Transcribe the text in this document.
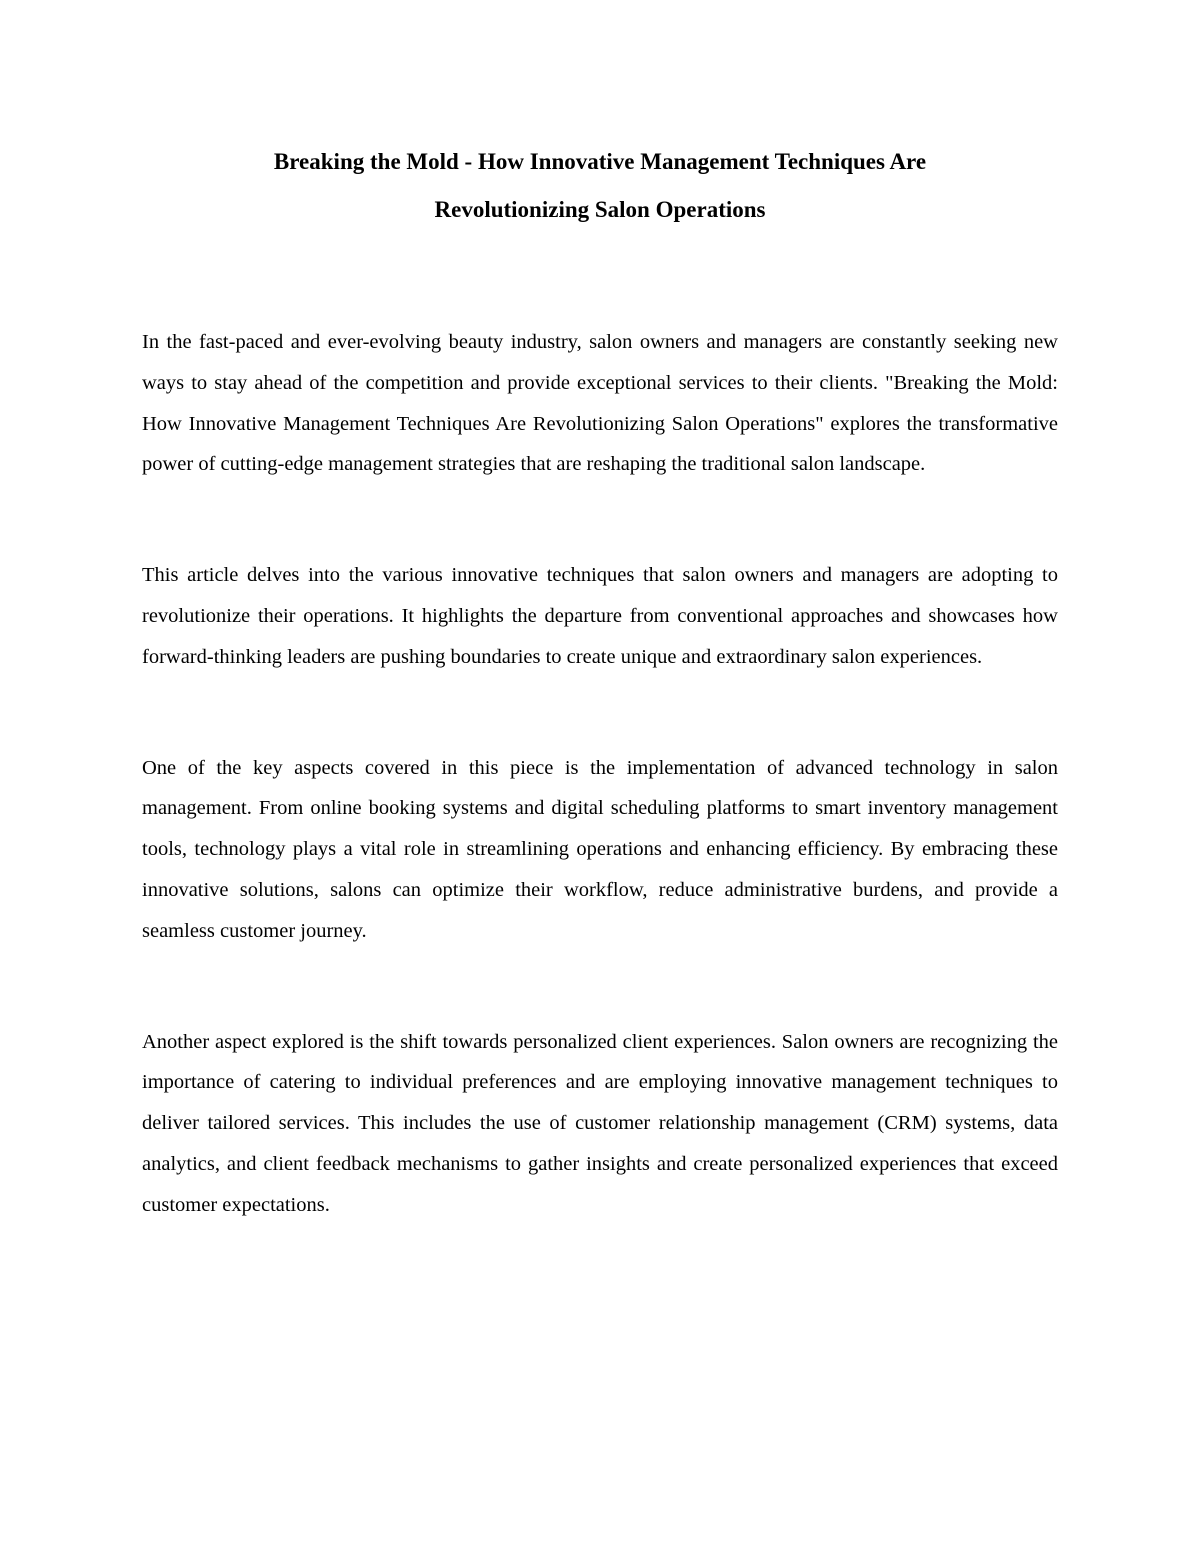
Breaking the Mold - How Innovative Management Techniques Are
Revolutionizing Salon Operations

In the fast-paced and ever-evolving beauty industry, salon owners and managers are constantly seeking new ways to stay ahead of the competition and provide exceptional services to their clients. "Breaking the Mold: How Innovative Management Techniques Are Revolutionizing Salon Operations" explores the transformative power of cutting-edge management strategies that are reshaping the traditional salon landscape.

This article delves into the various innovative techniques that salon owners and managers are adopting to revolutionize their operations. It highlights the departure from conventional approaches and showcases how forward-thinking leaders are pushing boundaries to create unique and extraordinary salon experiences.

One of the key aspects covered in this piece is the implementation of advanced technology in salon management. From online booking systems and digital scheduling platforms to smart inventory management tools, technology plays a vital role in streamlining operations and enhancing efficiency. By embracing these innovative solutions, salons can optimize their workflow, reduce administrative burdens, and provide a seamless customer journey.

Another aspect explored is the shift towards personalized client experiences. Salon owners are recognizing the importance of catering to individual preferences and are employing innovative management techniques to deliver tailored services. This includes the use of customer relationship management (CRM) systems, data analytics, and client feedback mechanisms to gather insights and create personalized experiences that exceed customer expectations.
